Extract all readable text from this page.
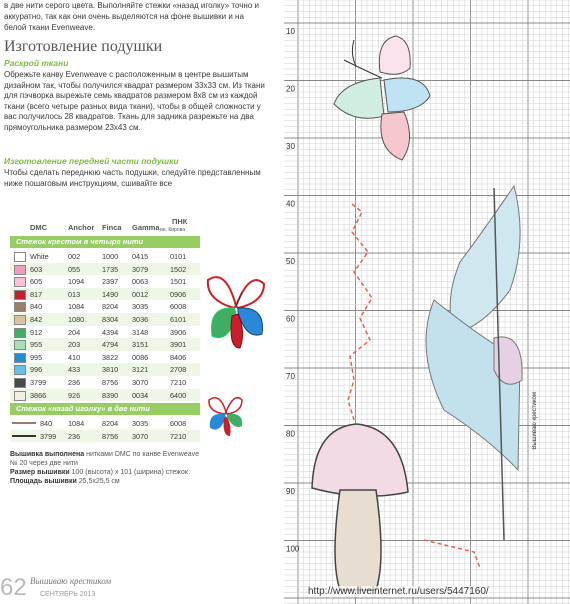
в две нити серого цвета. Выполняйте стежки «назад иголку» точно и аккуратно, так как они очень выделяются на фоне вышивки и на белой ткани Evenweave.
Изготовление подушки
Раскрой ткани
Обрежьте канву Evenweave с расположенным в центре вышитым дизайном так, чтобы получился квадрат размером 33х33 см. Из ткани для пэчворка вырежьте семь квадратов размером 8х8 см из каждой ткани (всего четыре разных вида ткани), чтобы в общей сложности у вас получилось 28 квадратов. Ткань для задника разрежьте на два прямоугольника размером 23х43 см.
Изготовление передней части подушки
Чтобы сделать переднюю часть подушки, следуйте представленным ниже пошаговым инструкциям, сшивайте все
DMC	Anchor Finca Gamma
ПНК
ин. Кирова
Стежок крестом в четыре нити
White	002	1000 0415	0101
603	055	1735 3079	1502
605	1094 2397 0063	1501
817	013	1490 0012	0906
840	1084 8204 3035	6008
842	1080 8304 3036	6101
912	204	4394 3148	3906
955	203	4794 3151	3901
995	410	3822 0086	8406
996	433	3810 3121	2708
3799	236	8756 3070	7210
3866	926	8390 0034	6400
Стежок «назад иголку» в две нити
840 1084 8204 3035	6008
3799 236	8756 3070	7210
Вышивка выполнена нитками DMC по канве Evenweave № 20 через две нити
Размер вышивки 100 (высота) х 101 (ширина) стежок
Площадь вышивки 25,5х25,5 см
62 Вышиваю крестиком
СЕНТЯБРЬ 2013
10
20
30
40
50
60
70
80
90
100
Вышиваю крестиком
http://www.liveinternet.ru/users/5447160/
